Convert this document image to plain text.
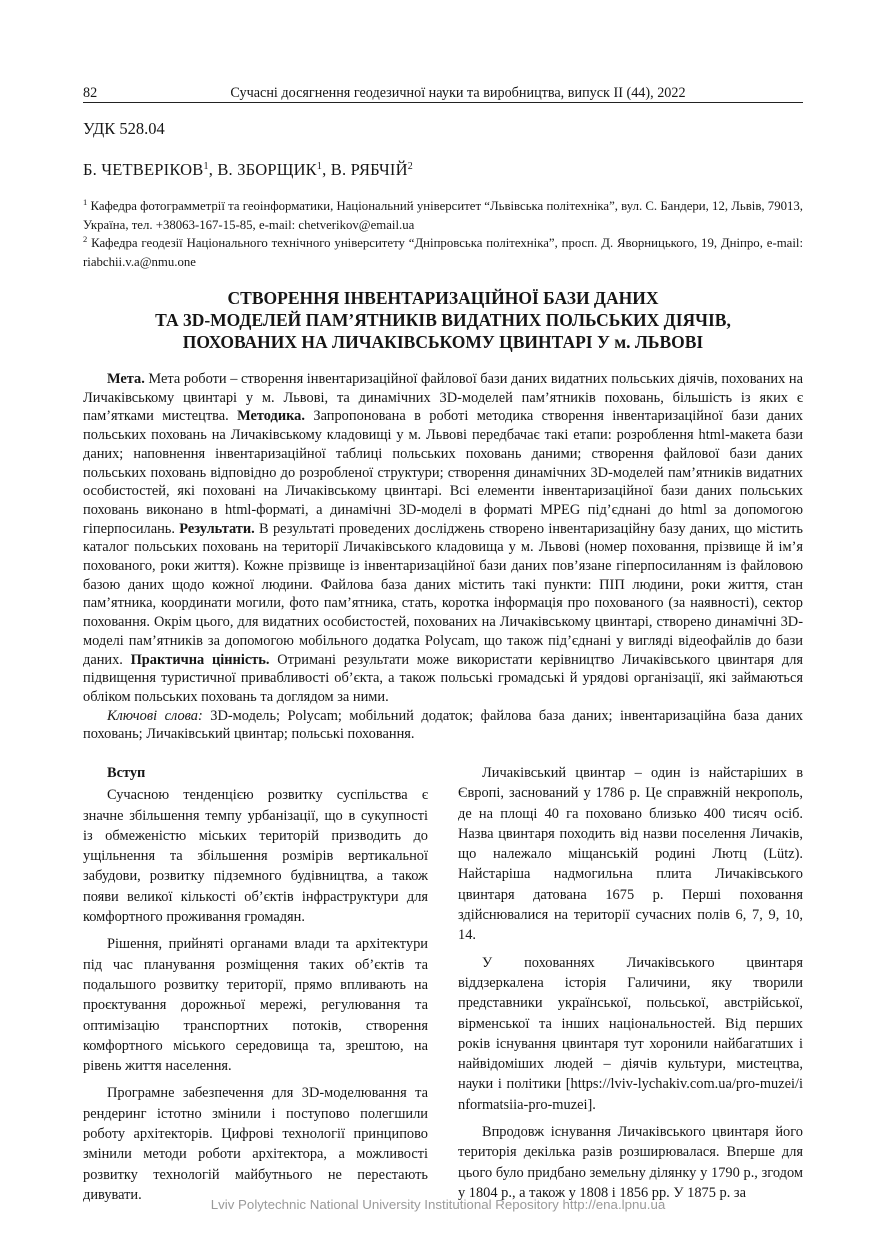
82	Сучасні досягнення геодезичної науки та виробництва, випуск II (44), 2022
УДК 528.04
Б. ЧЕТВЕРІКОВ$^1$, В. ЗБОРЩИК$^1$, В. РЯБЧІЙ$^2$
$^1$ Кафедра фотограмметрії та геоінформатики, Національний університет “Львівська політехніка”, вул. С. Бандери, 12, Львів, 79013, Україна, тел. +38063-167-15-85, e-mail: chetverikov@email.ua
$^2$ Кафедра геодезії Національного технічного університету “Дніпровська політехніка”, просп. Д. Яворницького, 19, Дніпро, e-mail: riabchii.v.a@nmu.one
СТВОРЕННЯ ІНВЕНТАРИЗАЦІЙНОЇ БАЗИ ДАНИХ
ТА 3D-МОДЕЛЕЙ ПАМ’ЯТНИКІВ ВИДАТНИХ ПОЛЬСЬКИХ ДІЯЧІВ,
ПОХОВАНИХ НА ЛИЧАКІВСЬКОМУ ЦВИНТАРІ У м. ЛЬВОВІ

Мета. Мета роботи – створення інвентаризаційної файлової бази даних видатних польських діячів, похованих на Личаківському цвинтарі у м. Львові, та динамічних 3D-моделей пам’ятників поховань, більшість із яких є пам’ятками мистецтва. Методика. Запропонована в роботі методика створення інвентаризаційної бази даних польських поховань на Личаківському кладовищі у м. Львові передбачає такі етапи: розроблення html-макета бази даних; наповнення інвентаризаційної таблиці польських поховань даними; створення файлової бази даних польських поховань відповідно до розробленої структури; створення динамічних 3D-моделей пам’ятників видатних особистостей, які поховані на Личаківському цвинтарі. Всі елементи інвентаризаційної бази даних польських поховань виконано в html-форматі, а динамічні 3D-моделі в форматі MPEG під’єднані до html за допомогою гіперпосилань. Результати. В результаті проведених досліджень створено інвентаризаційну базу даних, що містить каталог польських поховань на території Личаківського кладовища у м. Львові (номер поховання, прізвище й ім’я похованого, роки життя). Кожне прізвище із інвентаризаційної бази даних пов’язане гіперпосиланням із файловою базою даних щодо кожної людини. Файлова база даних містить такі пункти: ПІП людини, роки життя, стан пам’ятника, координати могили, фото пам’ятника, стать, коротка інформація про похованого (за наявності), сектор поховання. Окрім цього, для видатних особистостей, похованих на Личаківському цвинтарі, створено динамічні 3D-моделі пам’ятників за допомогою мобільного додатка Polycam, що також під’єднані у вигляді відеофайлів до бази даних. Практична цінність. Отримані результати може використати керівництво Личаківського цвинтаря для підвищення туристичної привабливості об’єкта, а також польські громадські й урядові організації, які займаються обліком польських поховань та доглядом за ними.

Ключові слова: 3D-модель; Polycam; мобільний додаток; файлова база даних; інвентаризаційна база даних поховань; Личаківський цвинтар; польські поховання.

Вступ

Сучасною тенденцією розвитку суспільства є значне збільшення темпу урбанізації, що в сукупності із обмеженістю міських територій призводить до ущільнення та збільшення розмірів вертикальної забудови, розвитку підземного будівництва, а також появи великої кількості об’єктів інфраструктури для комфортного проживання громадян.

Рішення, прийняті органами влади та архітектури під час планування розміщення таких об’єктів та подальшого розвитку території, прямо впливають на проєктування дорожньої мережі, регулювання та оптимізацію транспортних потоків, створення комфортного міського середовища та, зрештою, на рівень життя населення.

Програмне забезпечення для 3D-моделювання та рендеринг істотно змінили і поступово полегшили роботу архітекторів. Цифрові технології принципово змінили методи роботи архітектора, а можливості розвитку технологій майбутнього не перестають дивувати.

Личаківський цвинтар – один із найстаріших в Європі, заснований у 1786 р. Це справжній некрополь, де на площі 40 га поховано близько 400 тисяч осіб. Назва цвинтаря походить від назви поселення Личаків, що належало міщанській родині Лютц (Lütz). Найстаріша надмогильна плита Личаківського цвинтаря датована 1675 р. Перші поховання здійснювалися на території сучасних полів 6, 7, 9, 10, 14.

У похованнях Личаківського цвинтаря віддзеркалена історія Галичини, яку творили представники української, польської, австрійської, вірменської та інших національностей. Від перших років існування цвинтаря тут хоронили найбагатших і найвідоміших людей – діячів культури, мистецтва, науки і політики [https://lviv-lychakiv.com.ua/pro-muzei/informatsiia-pro-muzei].

Впродовж існування Личаківського цвинтаря його територія декілька разів розширювалася. Вперше для цього було придбано земельну ділянку у 1790 р., згодом у 1804 р., а також у 1808 і 1856 рр. У 1875 р. за

Lviv Polytechnic National University Institutional Repository http://ena.lpnu.ua
